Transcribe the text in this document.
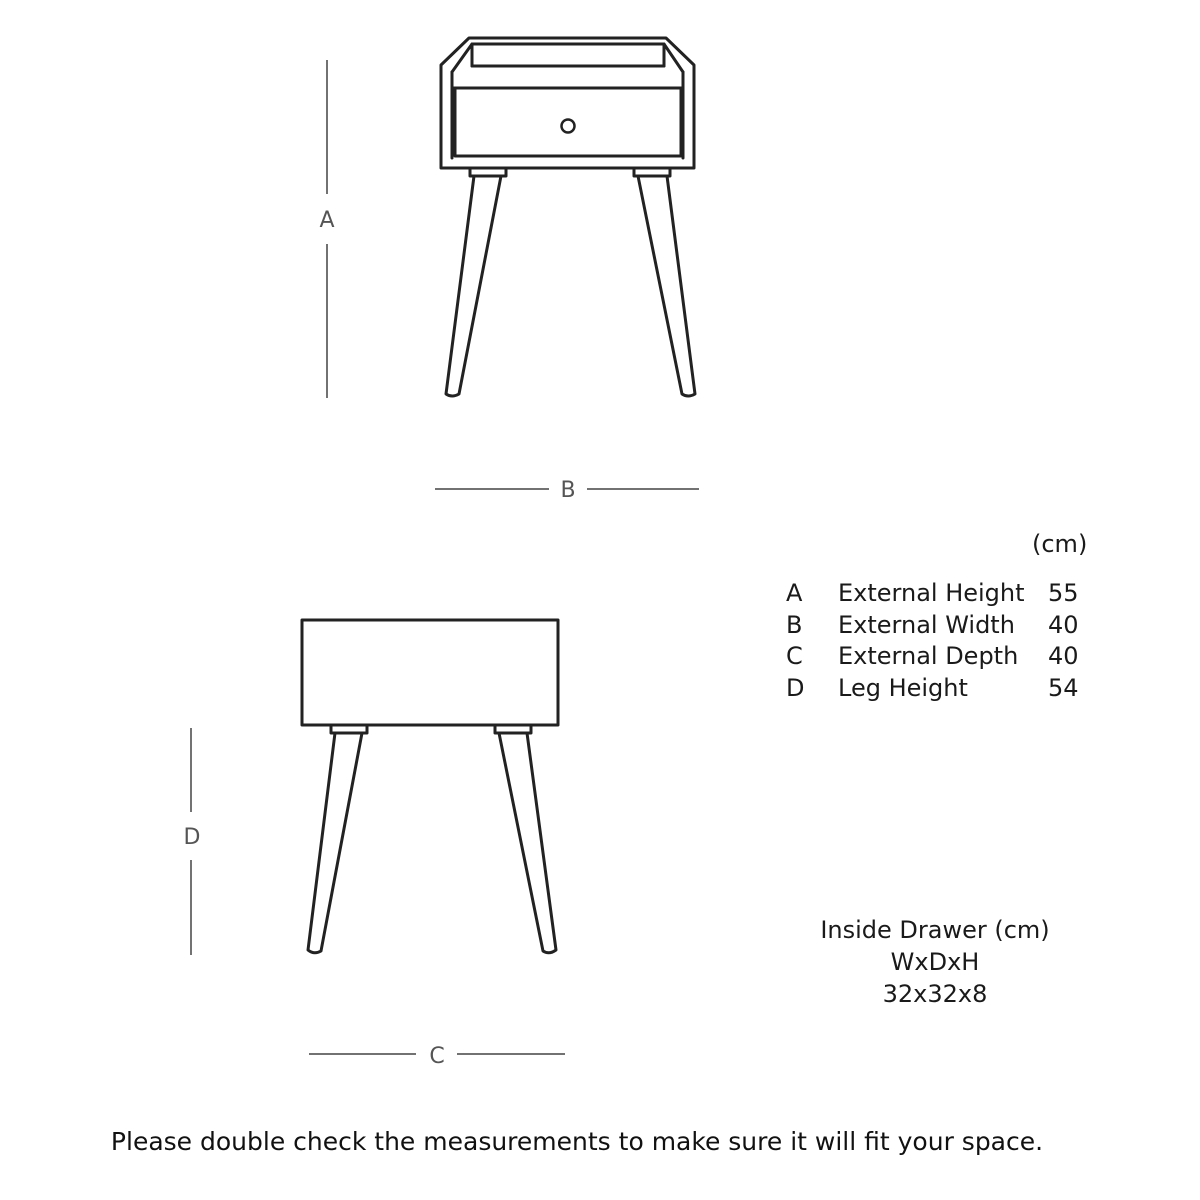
A
B
D
C

(cm)

A	External Height	55
B	External Width	40
C	External Depth	40
D	Leg Height	54
Inside Drawer (cm)
WxDxH
32x32x8

Please double check the measurements to make sure it will fit your space.
